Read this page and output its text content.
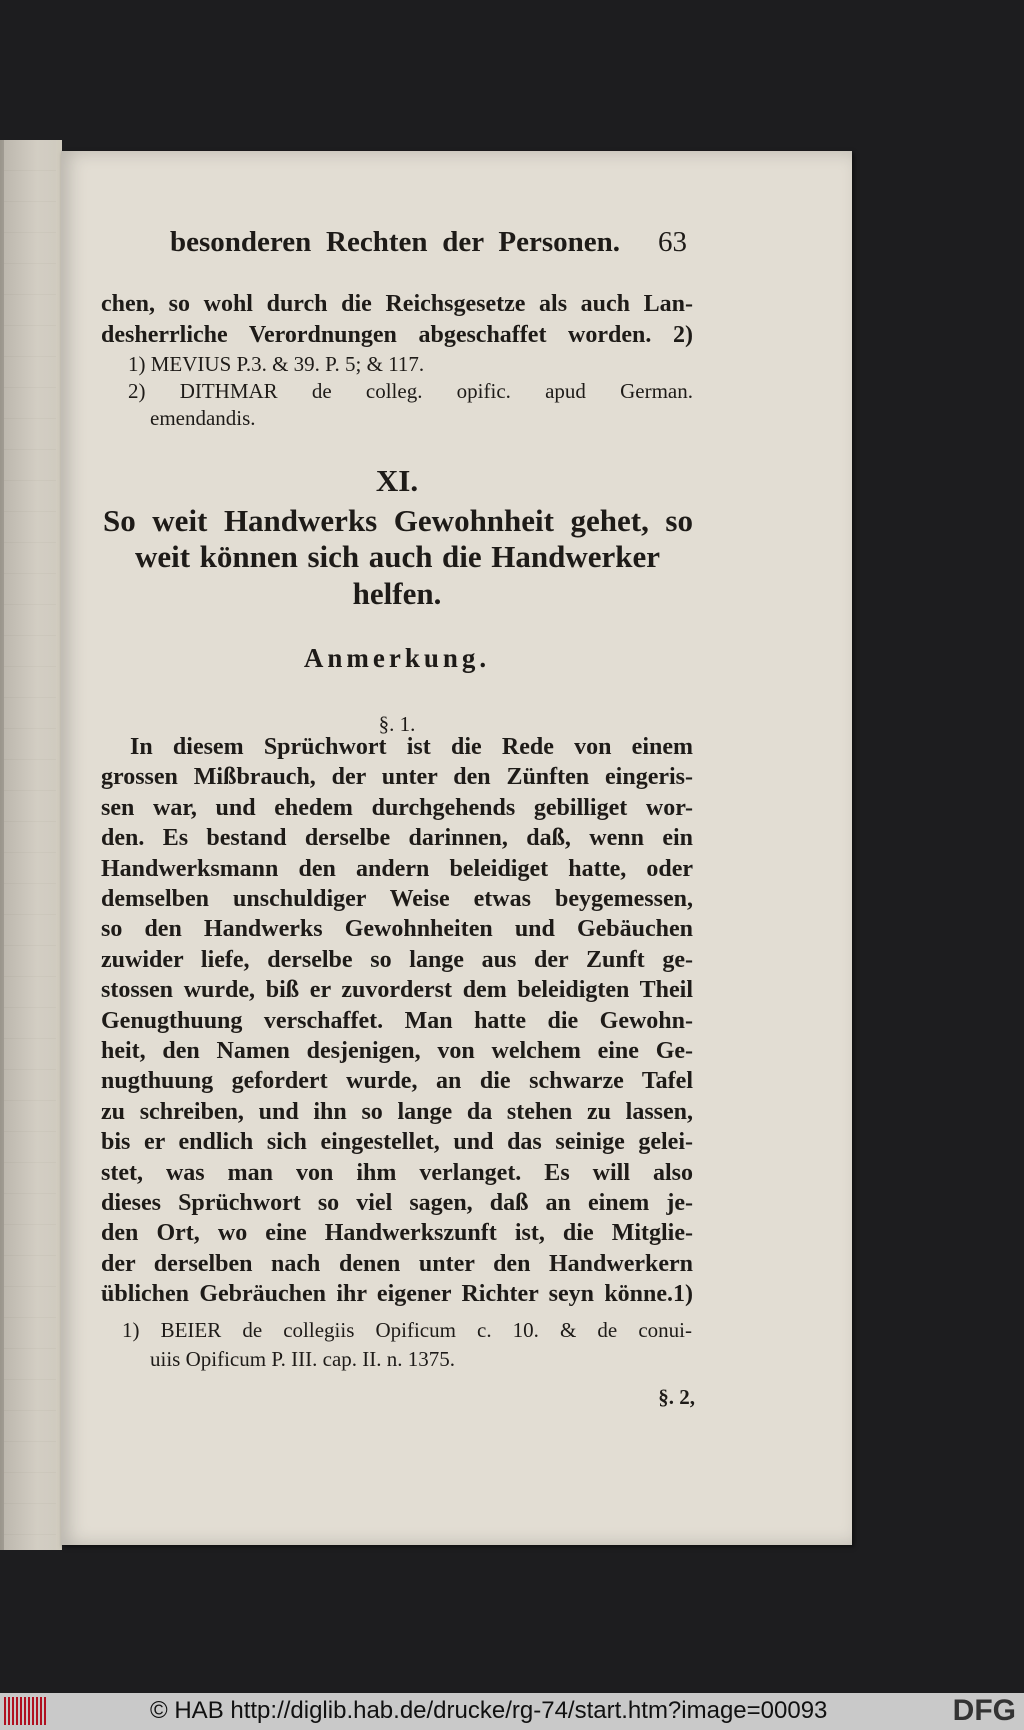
besonderen Rechten der Personen. 63
chen, so wohl durch die Reichsgesetze als auch Lan-
desherrliche Verordnungen abgeschaffet worden. 2)
1) MEVIUS P.3. & 39. P. 5; & 117.
2) DITHMAR de colleg. opific. apud German.
emendandis.
XI.
So weit Handwerks Gewohnheit gehet, so
weit können sich auch die Handwerker
helfen.
Anmerkung.
§. 1.
In diesem Sprüchwort ist die Rede von einem
grossen Mißbrauch, der unter den Zünften eingeris-
sen war, und ehedem durchgehends gebilliget wor-
den. Es bestand derselbe darinnen, daß, wenn ein
Handwerksmann den andern beleidiget hatte, oder
demselben unschuldiger Weise etwas beygemessen,
so den Handwerks Gewohnheiten und Gebäuchen
zuwider liefe, derselbe so lange aus der Zunft ge-
stossen wurde, biß er zuvorderst dem beleidigten Theil
Genugthuung verschaffet. Man hatte die Gewohn-
heit, den Namen desjenigen, von welchem eine Ge-
nugthuung gefordert wurde, an die schwarze Tafel
zu schreiben, und ihn so lange da stehen zu lassen,
bis er endlich sich eingestellet, und das seinige gelei-
stet, was man von ihm verlanget. Es will also
dieses Sprüchwort so viel sagen, daß an einem je-
den Ort, wo eine Handwerkszunft ist, die Mitglie-
der derselben nach denen unter den Handwerkern
üblichen Gebräuchen ihr eigener Richter seyn könne.1)
1) BEIER de collegiis Opificum c. 10. & de conui-
uiis Opificum P. III. cap. II. n. 1375.
§. 2,
© HAB http://diglib.hab.de/drucke/rg-74/start.htm?image=00093	DFG
